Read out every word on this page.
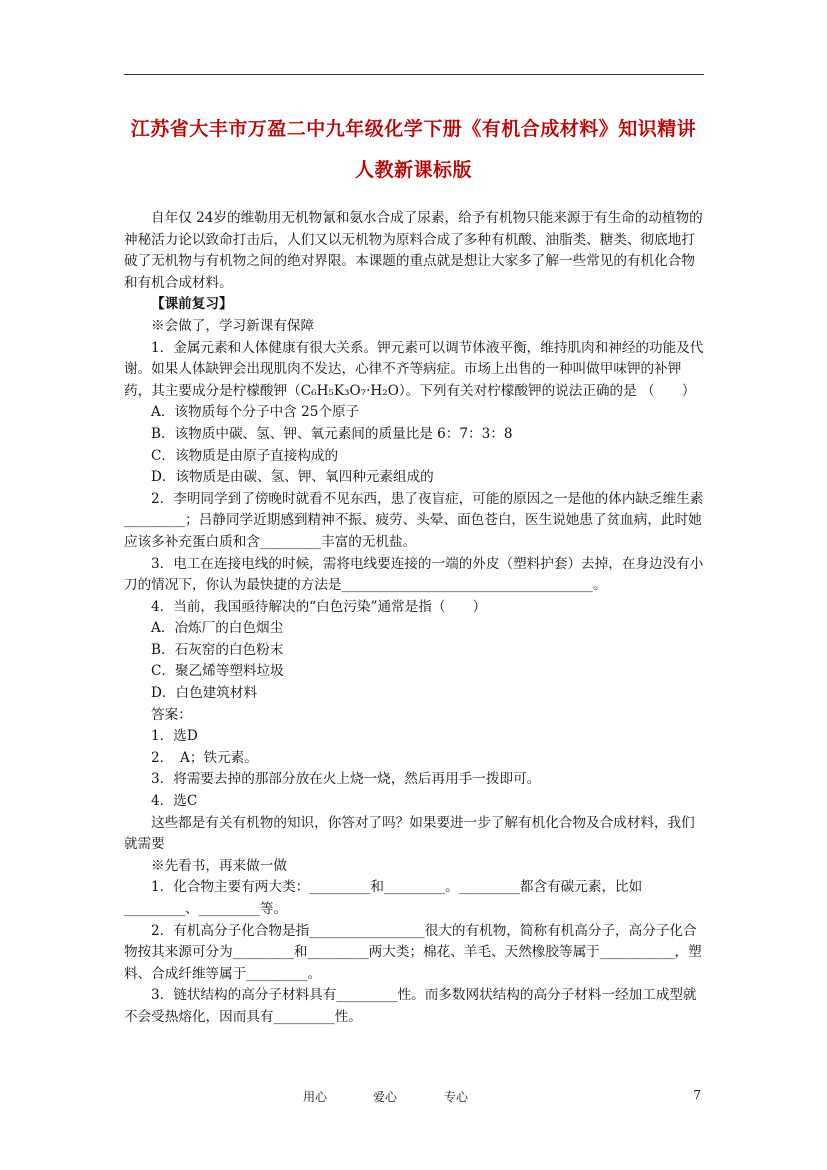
江苏省大丰市万盈二中九年级化学下册《有机合成材料》知识精讲
人教新课标版

自年仅 24岁的维勒用无机物氰和氨水合成了尿素，给予有机物只能来源于有生命的动植物的神秘活力论以致命打击后，人们又以无机物为原料合成了多种有机酸、油脂类、糖类、彻底地打破了无机物与有机物之间的绝对界限。本课题的重点就是想让大家多了解一些常见的有机化合物和有机合成材料。

【课前复习】

※会做了，学习新课有保障

1．金属元素和人体健康有很大关系。钾元素可以调节体液平衡，维持肌肉和神经的功能及代谢。如果人体缺钾会出现肌肉不发达，心律不齐等病症。市场上出售的一种叫做甲味钾的补钾药，其主要成分是柠檬酸钾（C₆H₅K₃O₇·H₂O）。下列有关对柠檬酸钾的说法正确的是 （　　）

A．该物质每个分子中含 25个原子

B．该物质中碳、氢、钾、氧元素间的质量比是 6：7：3：8

C．该物质是由原子直接构成的

D．该物质是由碳、氢、钾、氧四种元素组成的

2．李明同学到了傍晚时就看不见东西，患了夜盲症，可能的原因之一是他的体内缺乏维生素_________；吕静同学近期感到精神不振、疲劳、头晕、面色苍白，医生说她患了贫血病，此时她应该多补充蛋白质和含_________丰富的无机盐。

3．电工在连接电线的时候，需将电线要连接的一端的外皮（塑料护套）去掉，在身边没有小刀的情况下，你认为最快捷的方法是_____________________________________。

4．当前，我国亟待解决的“白色污染”通常是指（　　）

A．冶炼厂的白色烟尘

B．石灰窑的白色粉末

C．聚乙烯等塑料垃圾

D．白色建筑材料

答案：

1．选D

2．　A；铁元素。

3．将需要去掉的那部分放在火上烧一烧，然后再用手一拨即可。

4．选C

这些都是有关有机物的知识，你答对了吗？如果要进一步了解有机化合物及合成材料，我们就需要

※先看书，再来做一做

1．化合物主要有两大类：_________和_________。_________都含有碳元素，比如_________、_________等。

2．有机高分子化合物是指_________________很大的有机物，简称有机高分子，高分子化合物按其来源可分为_________和_________两大类；棉花、羊毛、天然橡胶等属于___________，塑料、合成纤维等属于_________。

3．链状结构的高分子材料具有_________性。而多数网状结构的高分子材料一经加工成型就不会受热熔化，因而具有_________性。

用心	爱心	专心	7
